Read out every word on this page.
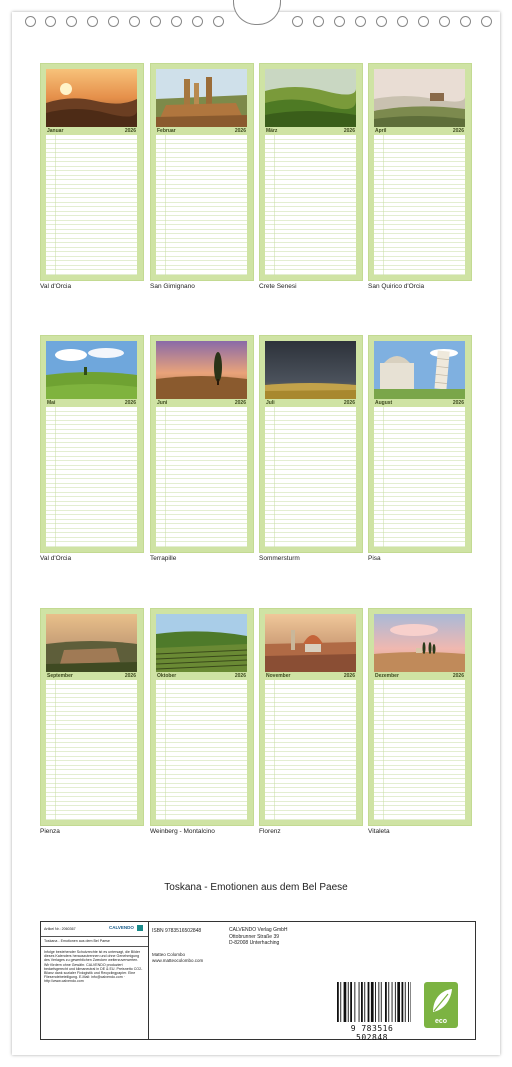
Januar	2026
Val d'Orcia
Februar	2026
San Gimignano
März	2026
Crete Senesi
April	2026
San Quirico d'Orcia
Mai	2026
Val d'Orcia
Juni	2026
Terrapille
Juli	2026
Sommersturm
August	2026
Pisa
September	2026
Pienza
Oktober	2026
Weinberg - Montalcino
November	2026
Florenz
Dezember	2026
Vitaleta
Toskana - Emotionen aus dem Bel Paese
Artikel Nr.: 2060367	CALVENDO
Toskana - Emotionen aus dem Bel Paese
Infolge bestehender Schutzrechte ist es untersagt, die Bilder dieses Kalenders herauszutrennen und ohne Genehmigung des Verlages zu gewerblichen Zwecken weiterzuverwerten. Wir fördern ohne Gewähr. CALVENDO produziert bedarfsgerecht und klimaneutral in DE & EU. Preisnetto CO2-Bilanz dank sozialer Fixlogistik und Recyclingpapier. Eine Fliesendebeteiligung. E-Mail: info@calvendo.com · http://www.calvendo.com
ISBN 9783516502848	CALVENDO Verlag GmbH
Ottobrunner Straße 39
D-82008 Unterhaching
Matteo Colombo
www.matteocolombo.com
9 783516 502848
eco
